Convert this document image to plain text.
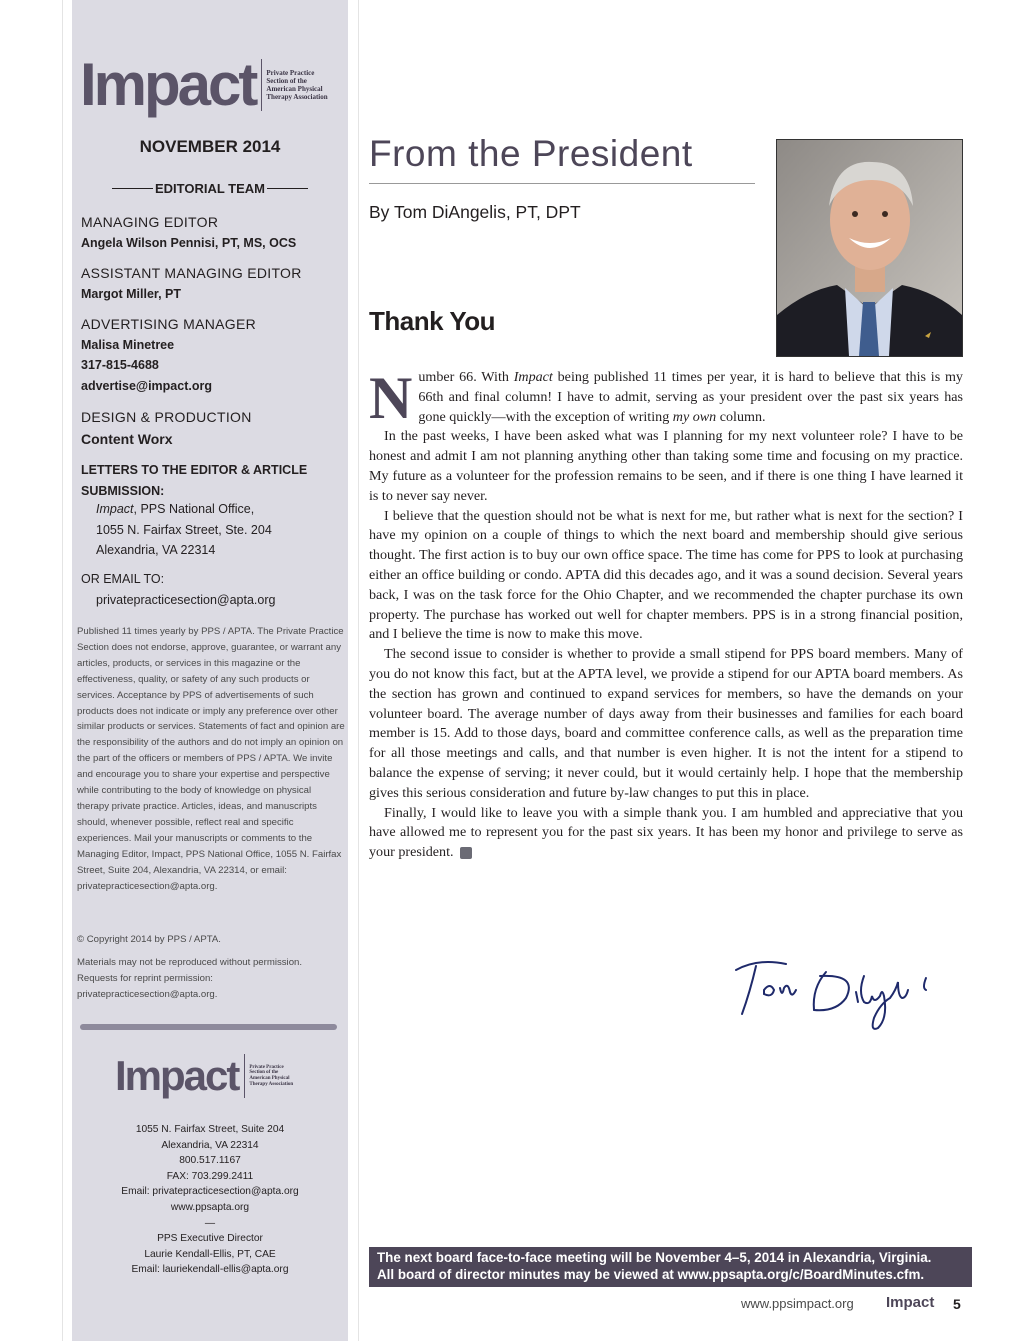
Impact Private Practice Section of the American Physical Therapy Association
NOVEMBER 2014
EDITORIAL TEAM
MANAGING EDITOR
Angela Wilson Pennisi, PT, MS, OCS
ASSISTANT MANAGING EDITOR
Margot Miller, PT
ADVERTISING MANAGER
Malisa Minetree
317-815-4688
advertise@impact.org
DESIGN & PRODUCTION
Content Worx
LETTERS TO THE EDITOR & ARTICLE SUBMISSION:
Impact, PPS National Office,
1055 N. Fairfax Street, Ste. 204
Alexandria, VA 22314
OR EMAIL TO:
privatepracticesection@apta.org
Published 11 times yearly by PPS / APTA. The Private Practice Section does not endorse, approve, guarantee, or warrant any articles, products, or services in this magazine or the effectiveness, quality, or safety of any such products or services. Acceptance by PPS of advertisements of such products does not indicate or imply any preference over other similar products or services. Statements of fact and opinion are the responsibility of the authors and do not imply an opinion on the part of the officers or members of PPS / APTA. We invite and encourage you to share your expertise and perspective while contributing to the body of knowledge on physical therapy private practice. Articles, ideas, and manuscripts should, whenever possible, reflect real and specific experiences. Mail your manuscripts or comments to the Managing Editor, Impact, PPS National Office, 1055 N. Fairfax Street, Suite 204, Alexandria, VA 22314, or email: privatepracticesection@apta.org.
© Copyright 2014 by PPS / APTA.
Materials may not be reproduced without permission. Requests for reprint permission: privatepracticesection@apta.org.
Impact Private Practice Section of the American Physical Therapy Association
1055 N. Fairfax Street, Suite 204
Alexandria, VA 22314
800.517.1167
FAX: 703.299.2411
Email: privatepracticesection@apta.org
www.ppsapta.org
—
PPS Executive Director
Laurie Kendall-Ellis, PT, CAE
Email: lauriekendall-ellis@apta.org
From the President
By Tom DiAngelis, PT, DPT
Thank You

Number 66. With Impact being published 11 times per year, it is hard to believe that this is my 66th and final column! I have to admit, serving as your president over the past six years has gone quickly—with the exception of writing my own column.

In the past weeks, I have been asked what was I planning for my next volunteer role? I have to be honest and admit I am not planning anything other than taking some time and focusing on my practice. My future as a volunteer for the profession remains to be seen, and if there is one thing I have learned it is to never say never.

I believe that the question should not be what is next for me, but rather what is next for the section? I have my opinion on a couple of things to which the next board and membership should give serious thought. The first action is to buy our own office space. The time has come for PPS to look at purchasing either an office building or condo. APTA did this decades ago, and it was a sound decision. Several years back, I was on the task force for the Ohio Chapter, and we recommended the chapter purchase its own property. The purchase has worked out well for chapter members. PPS is in a strong financial position, and I believe the time is now to make this move.

The second issue to consider is whether to provide a small stipend for PPS board members. Many of you do not know this fact, but at the APTA level, we provide a stipend for our APTA board members. As the section has grown and continued to expand services for members, so have the demands on your volunteer board. The average number of days away from their businesses and families for each board member is 15. Add to those days, board and committee conference calls, as well as the preparation time for all those meetings and calls, and that number is even higher. It is not the intent for a stipend to balance the expense of serving; it never could, but it would certainly help. I hope that the membership gives this serious consideration and future by-law changes to put this in place.

Finally, I would like to leave you with a simple thank you. I am humbled and appreciative that you have allowed me to represent you for the past six years. It has been my honor and privilege to serve as your president.

The next board face-to-face meeting will be November 4–5, 2014 in Alexandria, Virginia.
All board of director minutes may be viewed at www.ppsapta.org/c/BoardMinutes.cfm.
www.ppsimpact.org Impact 5
